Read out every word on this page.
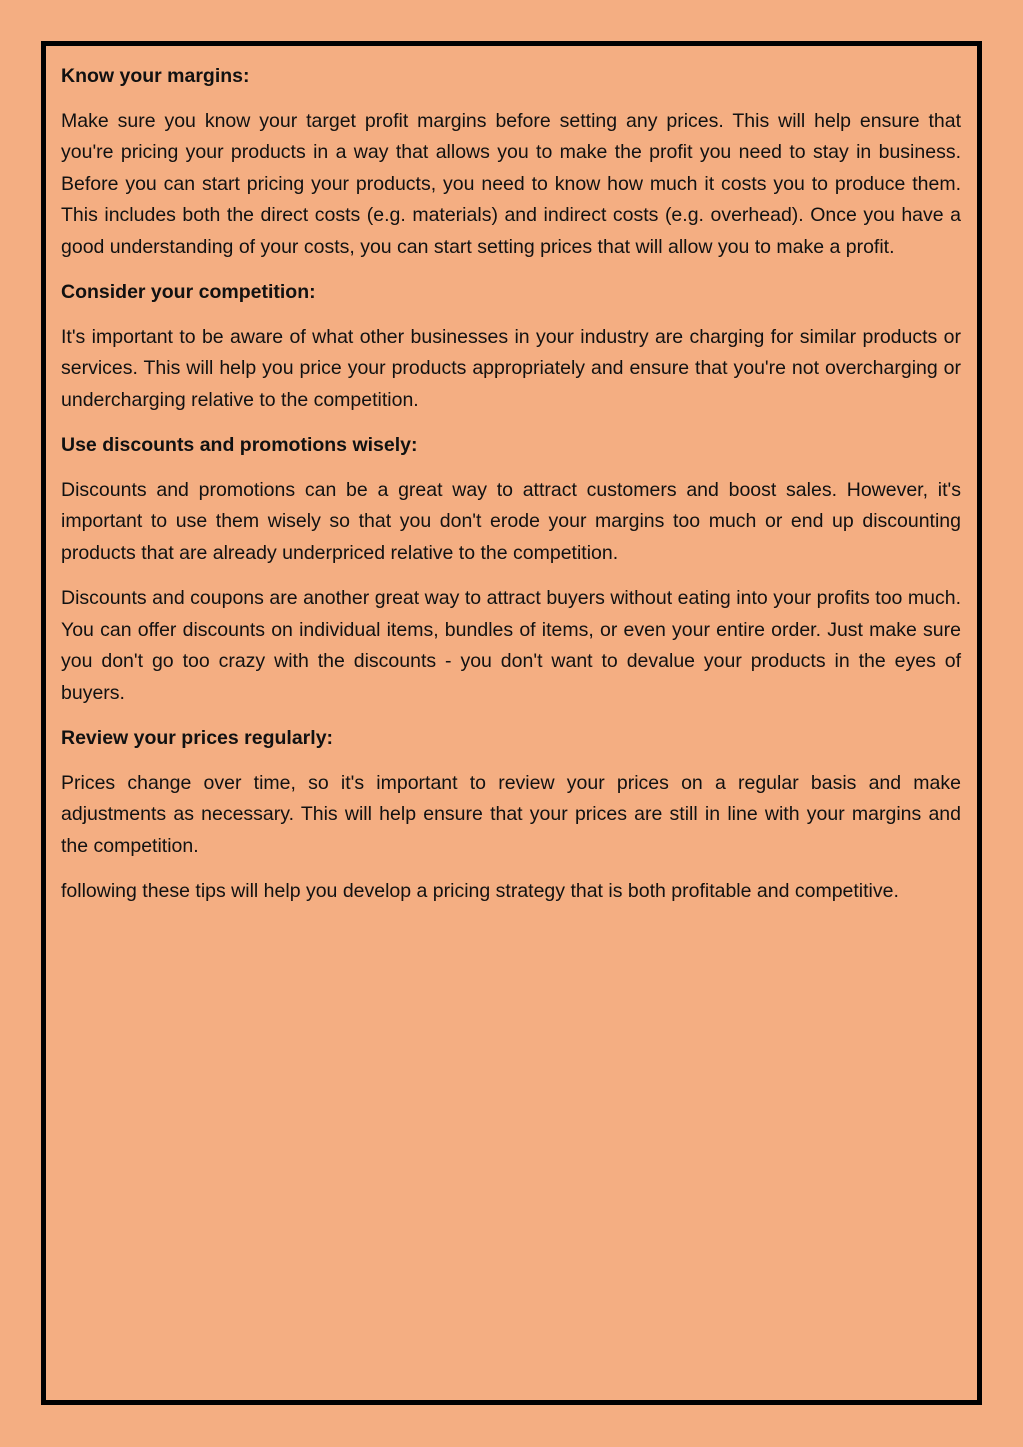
Know your margins:
Make sure you know your target profit margins before setting any prices. This will help ensure that you're pricing your products in a way that allows you to make the profit you need to stay in business. Before you can start pricing your products, you need to know how much it costs you to produce them. This includes both the direct costs (e.g. materials) and indirect costs (e.g. overhead). Once you have a good understanding of your costs, you can start setting prices that will allow you to make a profit.
Consider your competition:
It's important to be aware of what other businesses in your industry are charging for similar products or services. This will help you price your products appropriately and ensure that you're not overcharging or undercharging relative to the competition.
Use discounts and promotions wisely:
Discounts and promotions can be a great way to attract customers and boost sales. However, it's important to use them wisely so that you don't erode your margins too much or end up discounting products that are already underpriced relative to the competition.
Discounts and coupons are another great way to attract buyers without eating into your profits too much. You can offer discounts on individual items, bundles of items, or even your entire order. Just make sure you don't go too crazy with the discounts - you don't want to devalue your products in the eyes of buyers.
Review your prices regularly:
Prices change over time, so it's important to review your prices on a regular basis and make adjustments as necessary. This will help ensure that your prices are still in line with your margins and the competition.
following these tips will help you develop a pricing strategy that is both profitable and competitive.
